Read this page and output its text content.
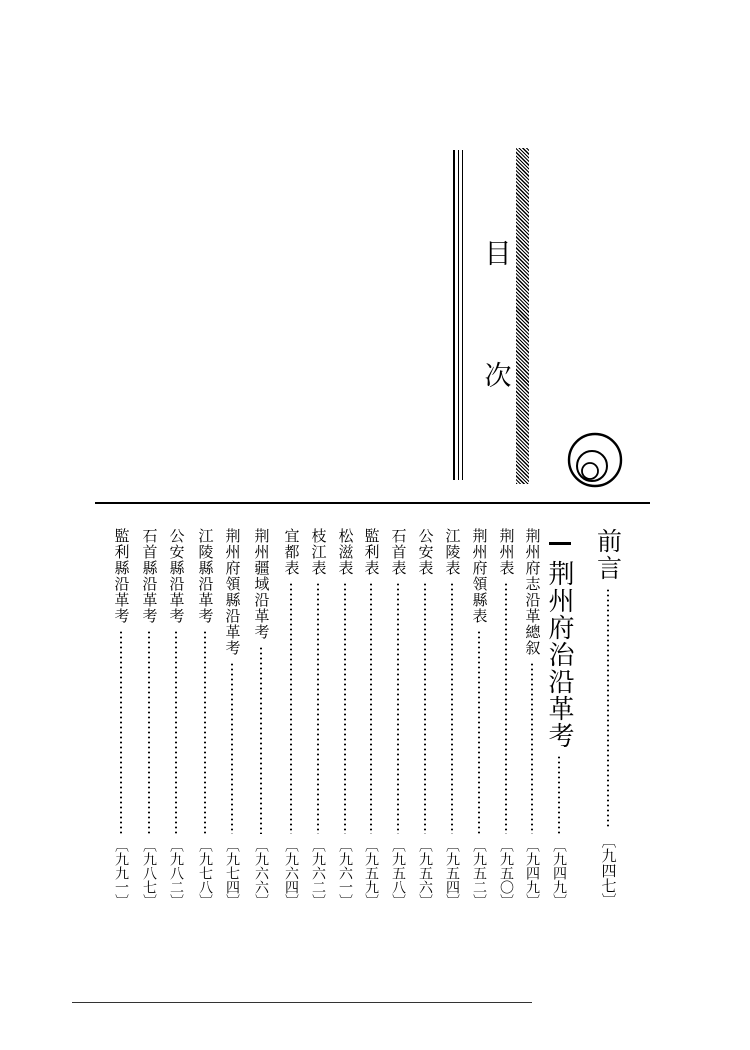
目
次
前言
〔九四七〕
荆州府治沿革考
〔九四九〕
荆州府志沿革總叙
〔九四九〕
荆州表
〔九五〇〕
荆州府領縣表
〔九五二〕
江陵表
〔九五四〕
公安表
〔九五六〕
石首表
〔九五八〕
監利表
〔九五九〕
松滋表
〔九六一〕
枝江表
〔九六二〕
宜都表
〔九六四〕
荆州疆域沿革考
〔九六六〕
荆州府領縣沿革考
〔九七四〕
江陵縣沿革考
〔九七八〕
公安縣沿革考
〔九八二〕
石首縣沿革考
〔九八七〕
監利縣沿革考
〔九九一〕
